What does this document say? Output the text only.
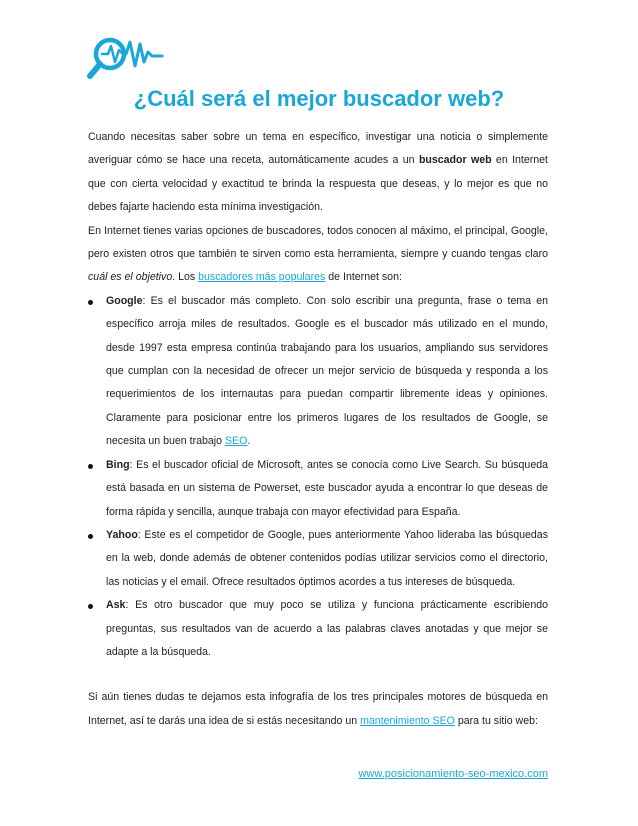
¿Cuál será el mejor buscador web?

Cuando necesitas saber sobre un tema en específico, investigar una noticia o simplemente averiguar cómo se hace una receta, automáticamente acudes a un buscador web en Internet que con cierta velocidad y exactitud te brinda la respuesta que deseas, y lo mejor es que no debes fajarte haciendo esta mínima investigación.

En Internet tienes varias opciones de buscadores, todos conocen al máximo, el principal, Google, pero existen otros que también te sirven como esta herramienta, siempre y cuando tengas claro cuál es el objetivo. Los buscadores más populares de Internet son:

Google: Es el buscador más completo. Con solo escribir una pregunta, frase o tema en específico arroja miles de resultados. Google es el buscador más utilizado en el mundo, desde 1997 esta empresa continúa trabajando para los usuarios, ampliando sus servidores que cumplan con la necesidad de ofrecer un mejor servicio de búsqueda y responda a los requerimientos de los internautas para puedan compartir libremente ideas y opiniones. Claramente para posicionar entre los primeros lugares de los resultados de Google, se necesita un buen trabajo SEO.
Bing: Es el buscador oficial de Microsoft, antes se conocía como Live Search. Su búsqueda está basada en un sistema de Powerset, este buscador ayuda a encontrar lo que deseas de forma rápida y sencilla, aunque trabaja con mayor efectividad para España.
Yahoo: Este es el competidor de Google, pues anteriormente Yahoo lideraba las búsquedas en la web, donde además de obtener contenidos podías utilizar servicios como el directorio, las noticias y el email. Ofrece resultados óptimos acordes a tus intereses de búsqueda.
Ask: Es otro buscador que muy poco se utiliza y funciona prácticamente escribiendo preguntas, sus resultados van de acuerdo a las palabras claves anotadas y que mejor se adapte a la búsqueda.

Si aún tienes dudas te dejamos esta infografía de los tres principales motores de búsqueda en Internet, así te darás una idea de si estás necesitando un mantenimiento SEO para tu sitio web:

www.posicionamiento-seo-mexico.com
